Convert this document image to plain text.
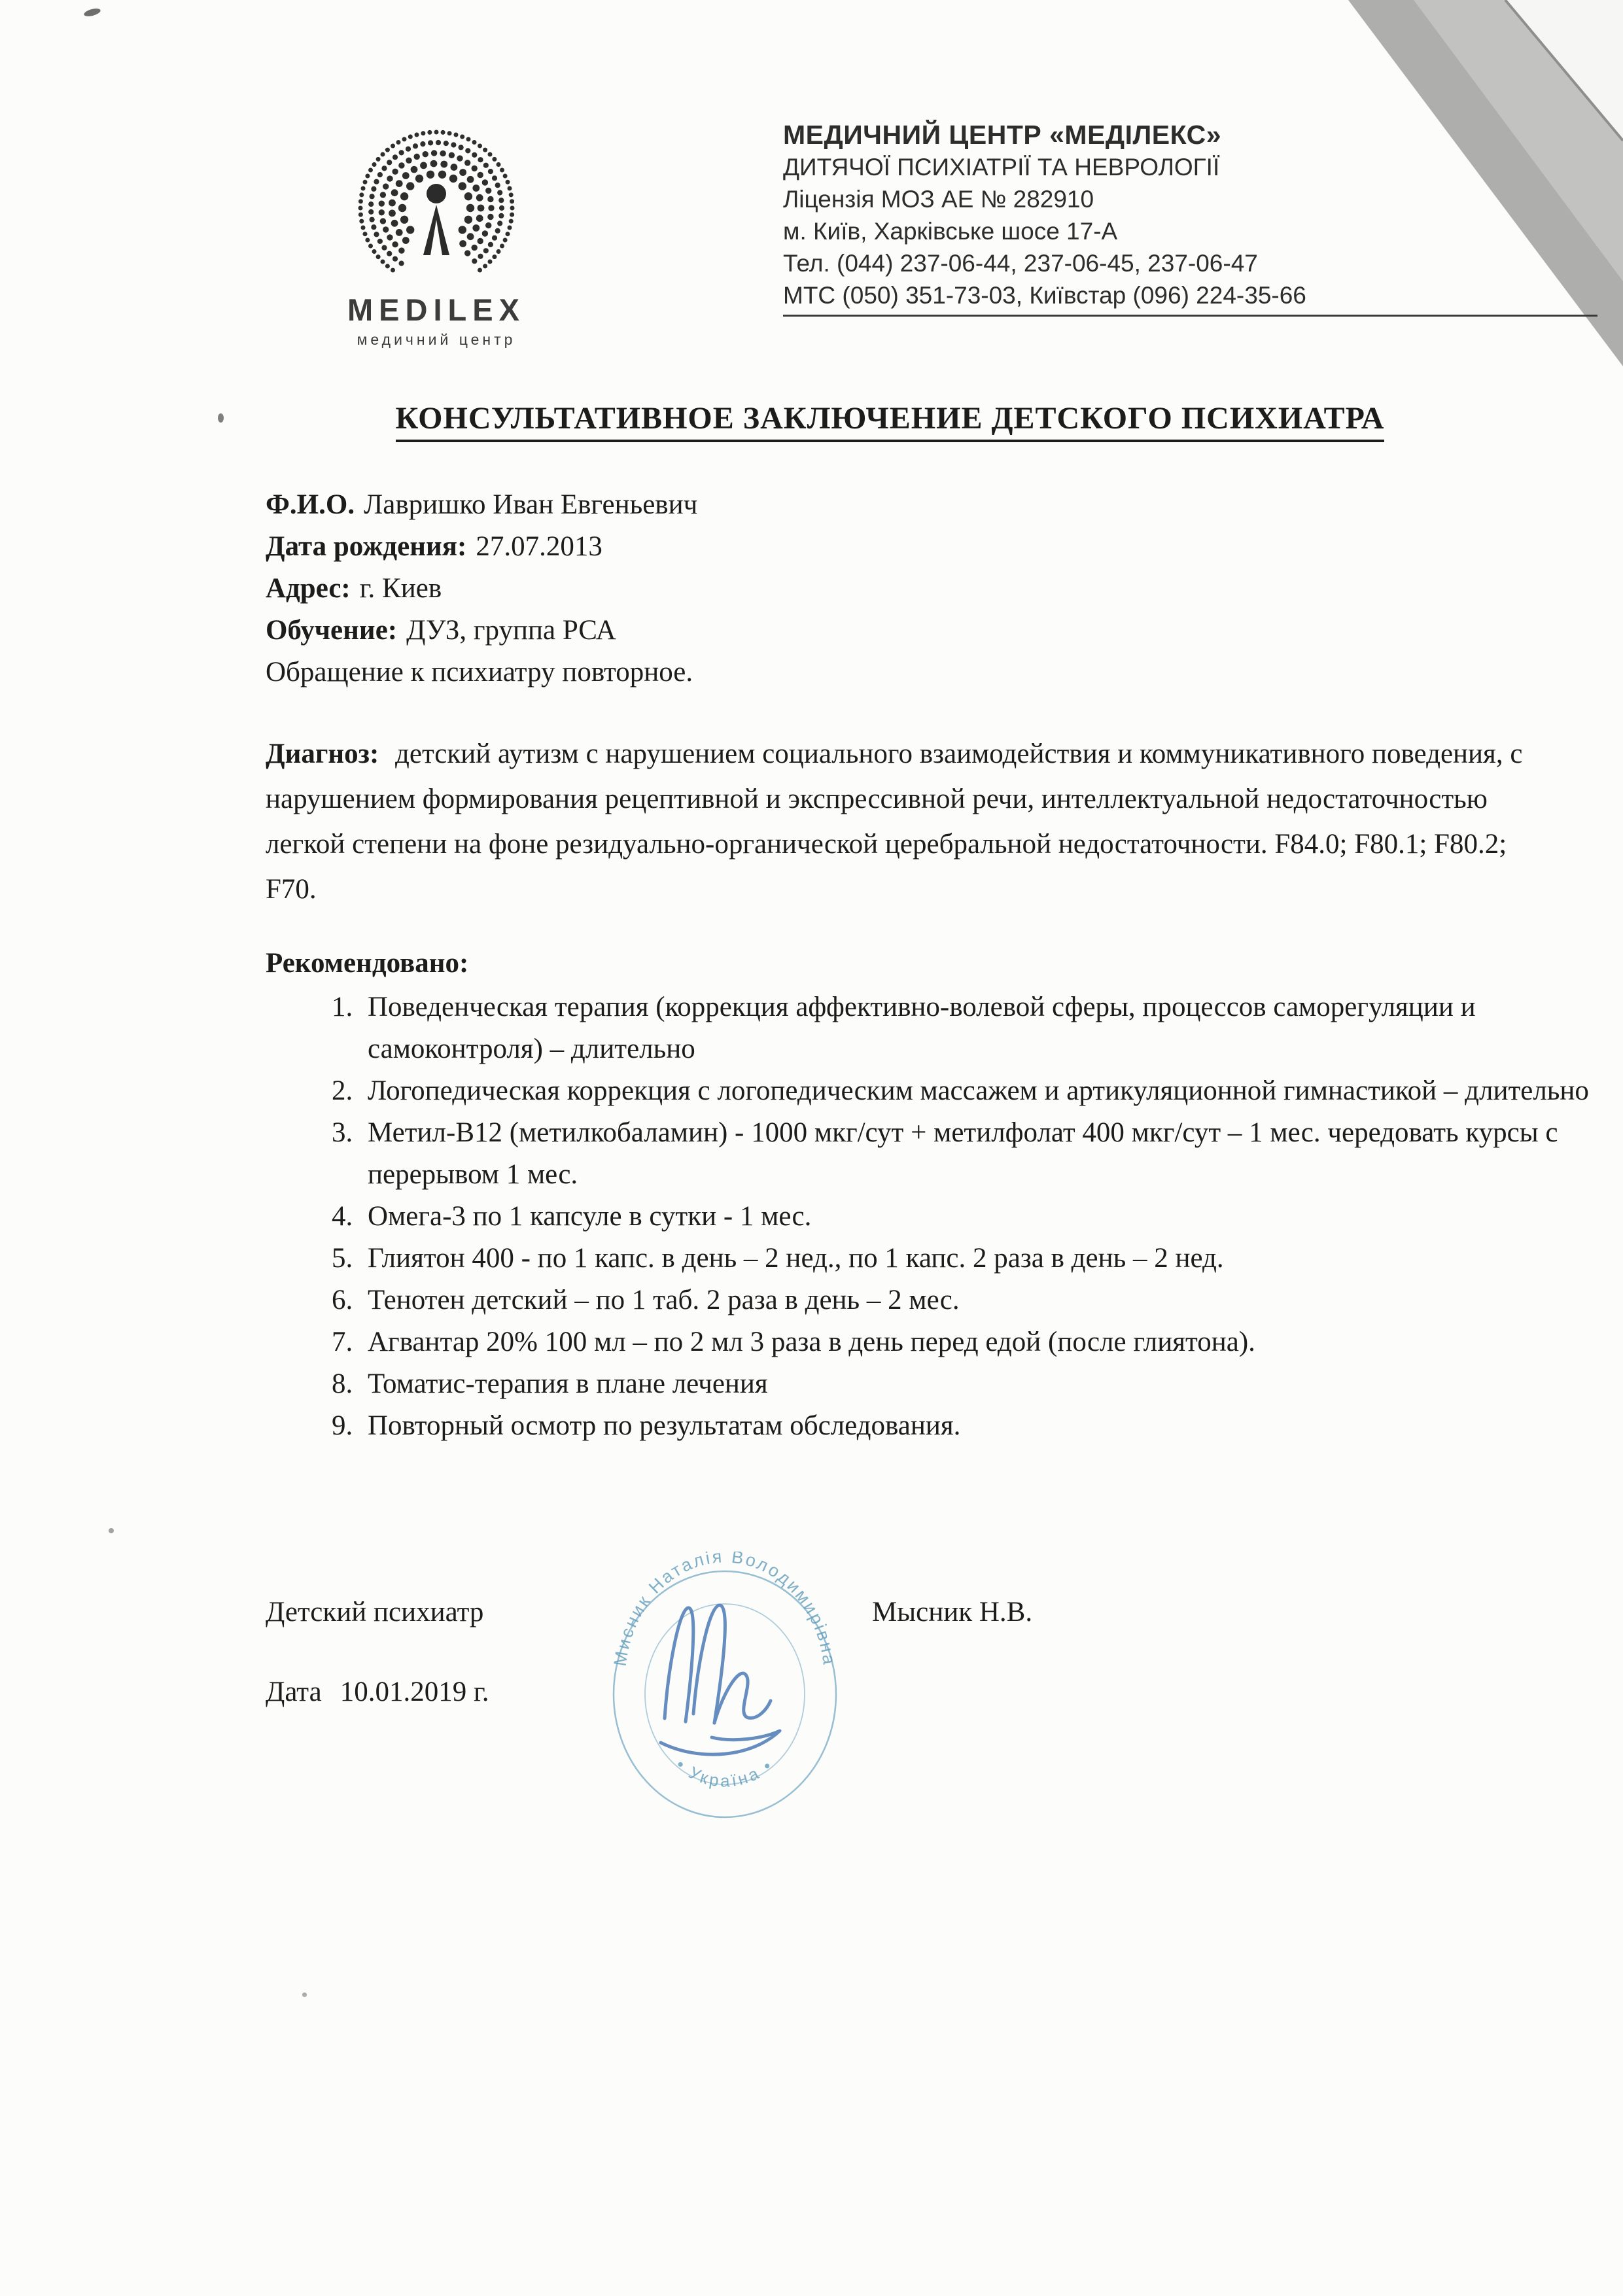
MEDILEX
медичний центр
МЕДИЧНИЙ ЦЕНТР «МЕДІЛЕКС»
ДИТЯЧОЇ ПСИХІАТРІЇ ТА НЕВРОЛОГІЇ
Ліцензія МОЗ АЕ № 282910
м. Київ, Харківське шосе 17-А
Тел. (044) 237-06-44, 237-06-45, 237-06-47
МТС (050) 351-73-03, Київстар (096) 224-35-66
КОНСУЛЬТАТИВНОЕ ЗАКЛЮЧЕНИЕ ДЕТСКОГО ПСИХИАТРА
Ф.И.О. Лавришко Иван Евгеньевич
Дата рождения: 27.07.2013
Адрес: г. Киев
Обучение: ДУЗ, группа РСА
Обращение к психиатру повторное.
Диагноз: детский аутизм с нарушением социального взаимодействия и коммуникативного поведения, с нарушением формирования рецептивной и экспрессивной речи, интеллектуальной недостаточностью легкой степени на фоне резидуально-органической церебральной недостаточности. F84.0; F80.1; F80.2; F70.
Рекомендовано:
1. Поведенческая терапия (коррекция аффективно-волевой сферы, процессов саморегуляции и самоконтроля) – длительно
2. Логопедическая коррекция с логопедическим массажем и артикуляционной гимнастикой – длительно
3. Метил-В12 (метилкобаламин) - 1000 мкг/сут + метилфолат 400 мкг/сут – 1 мес. чередовать курсы с перерывом 1 мес.
4. Омега-3 по 1 капсуле в сутки - 1 мес.
5. Глиятон 400 - по 1 капс. в день – 2 нед., по 1 капс. 2 раза в день – 2 нед.
6. Тенотен детский – по 1 таб. 2 раза в день – 2 мес.
7. Агвантар 20% 100 мл – по 2 мл 3 раза в день перед едой (после глиятона).
8. Томатис-терапия в плане лечения
9. Повторный осмотр по результатам обследования.
Детский психиатр	Мысник Н.В.
Дата 10.01.2019 г.
Мисник Наталія Володимирівна
• Україна •
